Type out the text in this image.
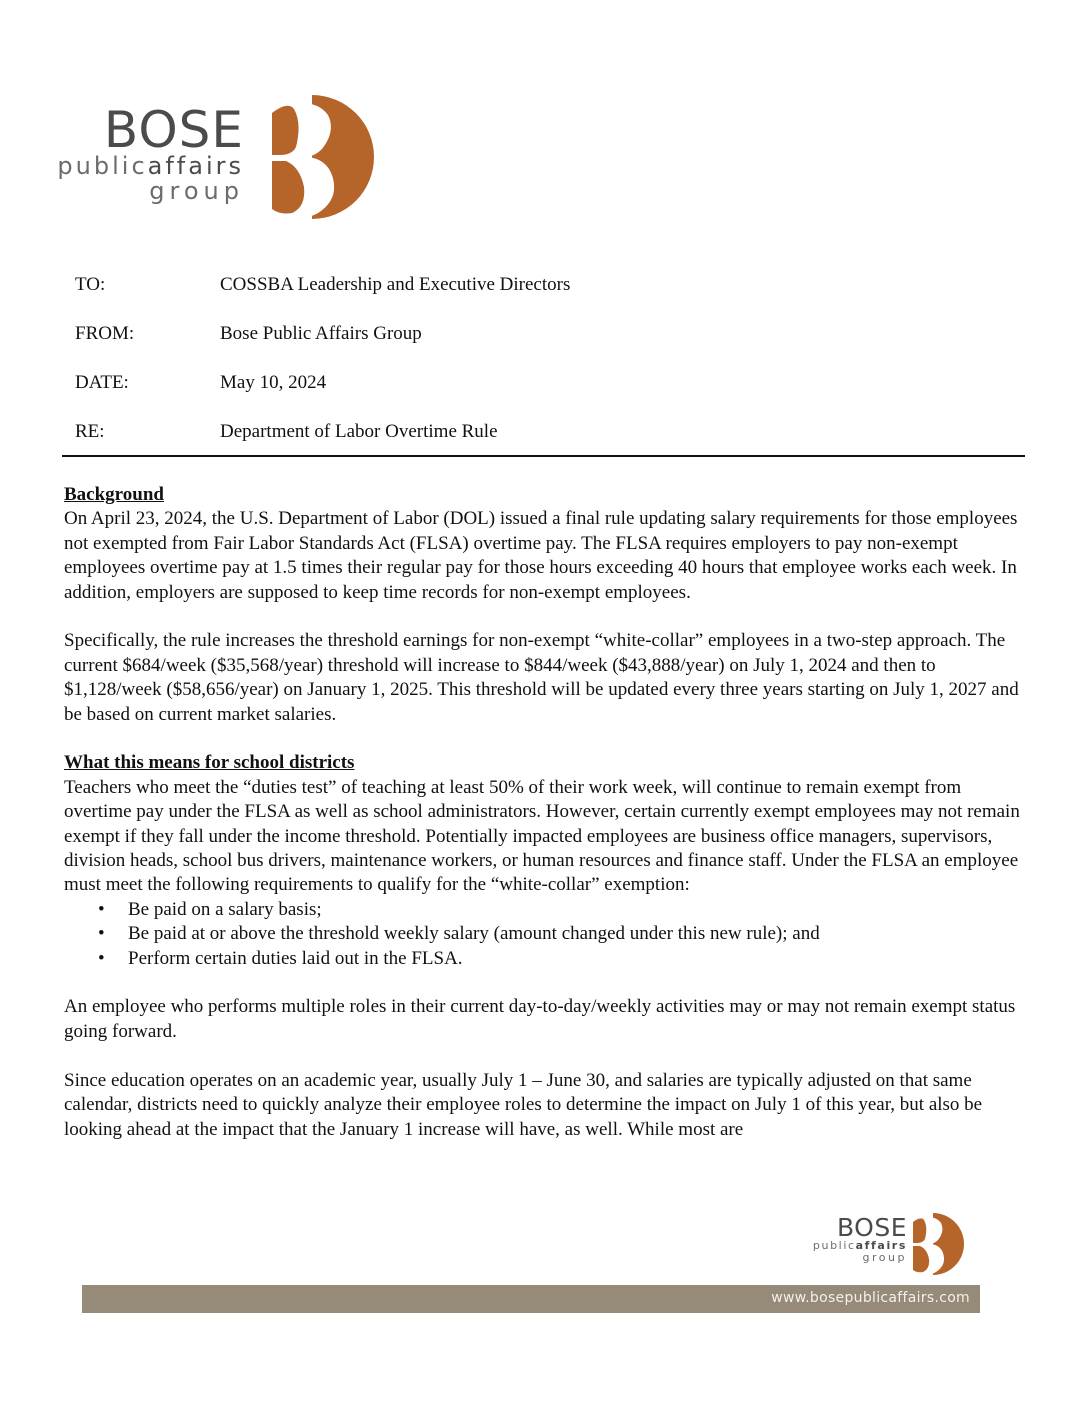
BOSE
publicaffairs
group
TO:	COSSBA Leadership and Executive Directors
FROM:	Bose Public Affairs Group
DATE:	May 10, 2024
RE:	Department of Labor Overtime Rule
Background

On April 23, 2024, the U.S. Department of Labor (DOL) issued a final rule updating salary requirements for those employees not exempted from Fair Labor Standards Act (FLSA) overtime pay. The FLSA requires employers to pay non-exempt employees overtime pay at 1.5 times their regular pay for those hours exceeding 40 hours that employee works each week. In addition, employers are supposed to keep time records for non-exempt employees.

Specifically, the rule increases the threshold earnings for non-exempt “white-collar” employees in a two-step approach. The current $684/week ($35,568/year) threshold will increase to $844/week ($43,888/year) on July 1, 2024 and then to $1,128/week ($58,656/year) on January 1, 2025. This threshold will be updated every three years starting on July 1, 2027 and be based on current market salaries.

What this means for school districts

Teachers who meet the “duties test” of teaching at least 50% of their work week, will continue to remain exempt from overtime pay under the FLSA as well as school administrators. However, certain currently exempt employees may not remain exempt if they fall under the income threshold. Potentially impacted employees are business office managers, supervisors, division heads, school bus drivers, maintenance workers, or human resources and finance staff. Under the FLSA an employee must meet the following requirements to qualify for the “white-collar” exemption:

• Be paid on a salary basis;
• Be paid at or above the threshold weekly salary (amount changed under this new rule); and
• Perform certain duties laid out in the FLSA.

An employee who performs multiple roles in their current day-to-day/weekly activities may or may not remain exempt status going forward.

Since education operates on an academic year, usually July 1 – June 30, and salaries are typically adjusted on that same calendar, districts need to quickly analyze their employee roles to determine the impact on July 1 of this year, but also be looking ahead at the impact that the January 1 increase will have, as well. While most are

BOSE
publicaffairs
group
www.bosepublicaffairs.com
